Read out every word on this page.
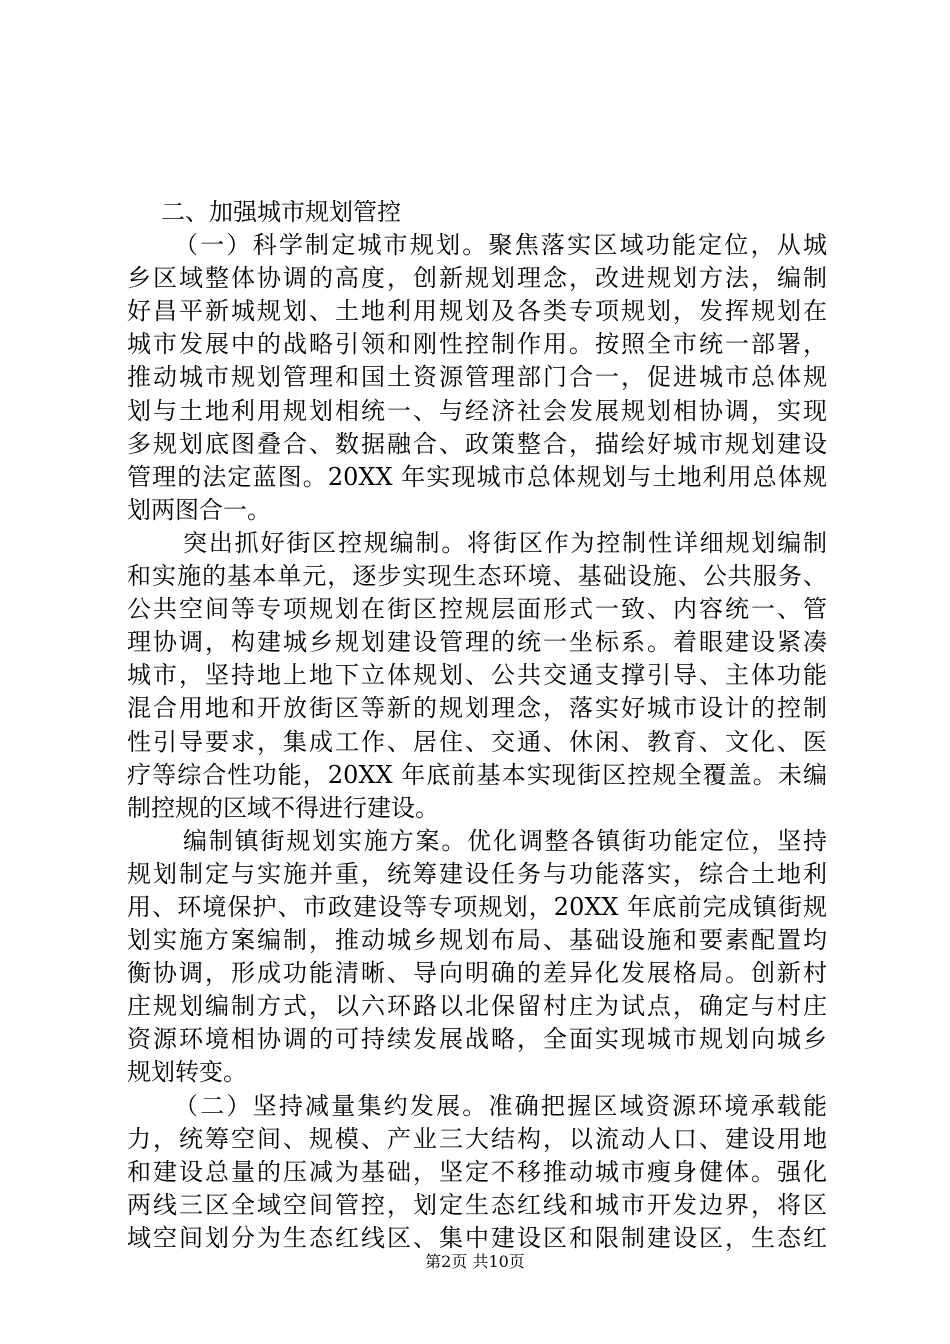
二、加强城市规划管控
（一）科学制定城市规划。聚焦落实区域功能定位，从城
乡区域整体协调的高度，创新规划理念，改进规划方法，编制
好昌平新城规划、土地利用规划及各类专项规划，发挥规划在
城市发展中的战略引领和刚性控制作用。按照全市统一部署，
推动城市规划管理和国土资源管理部门合一，促进城市总体规
划与土地利用规划相统一、与经济社会发展规划相协调，实现
多规划底图叠合、数据融合、政策整合，描绘好城市规划建设
管理的法定蓝图。20XX 年实现城市总体规划与土地利用总体规
划两图合一。
突出抓好街区控规编制。将街区作为控制性详细规划编制
和实施的基本单元，逐步实现生态环境、基础设施、公共服务、
公共空间等专项规划在街区控规层面形式一致、内容统一、管
理协调，构建城乡规划建设管理的统一坐标系。着眼建设紧凑
城市，坚持地上地下立体规划、公共交通支撑引导、主体功能
混合用地和开放街区等新的规划理念，落实好城市设计的控制
性引导要求，集成工作、居住、交通、休闲、教育、文化、医
疗等综合性功能，20XX 年底前基本实现街区控规全覆盖。未编
制控规的区域不得进行建设。
编制镇街规划实施方案。优化调整各镇街功能定位，坚持
规划制定与实施并重，统筹建设任务与功能落实，综合土地利
用、环境保护、市政建设等专项规划，20XX 年底前完成镇街规
划实施方案编制，推动城乡规划布局、基础设施和要素配置均
衡协调，形成功能清晰、导向明确的差异化发展格局。创新村
庄规划编制方式，以六环路以北保留村庄为试点，确定与村庄
资源环境相协调的可持续发展战略，全面实现城市规划向城乡
规划转变。
（二）坚持减量集约发展。准确把握区域资源环境承载能
力，统筹空间、规模、产业三大结构，以流动人口、建设用地
和建设总量的压减为基础，坚定不移推动城市瘦身健体。强化
两线三区全域空间管控，划定生态红线和城市开发边界，将区
域空间划分为生态红线区、集中建设区和限制建设区，生态红
第2页 共10页
